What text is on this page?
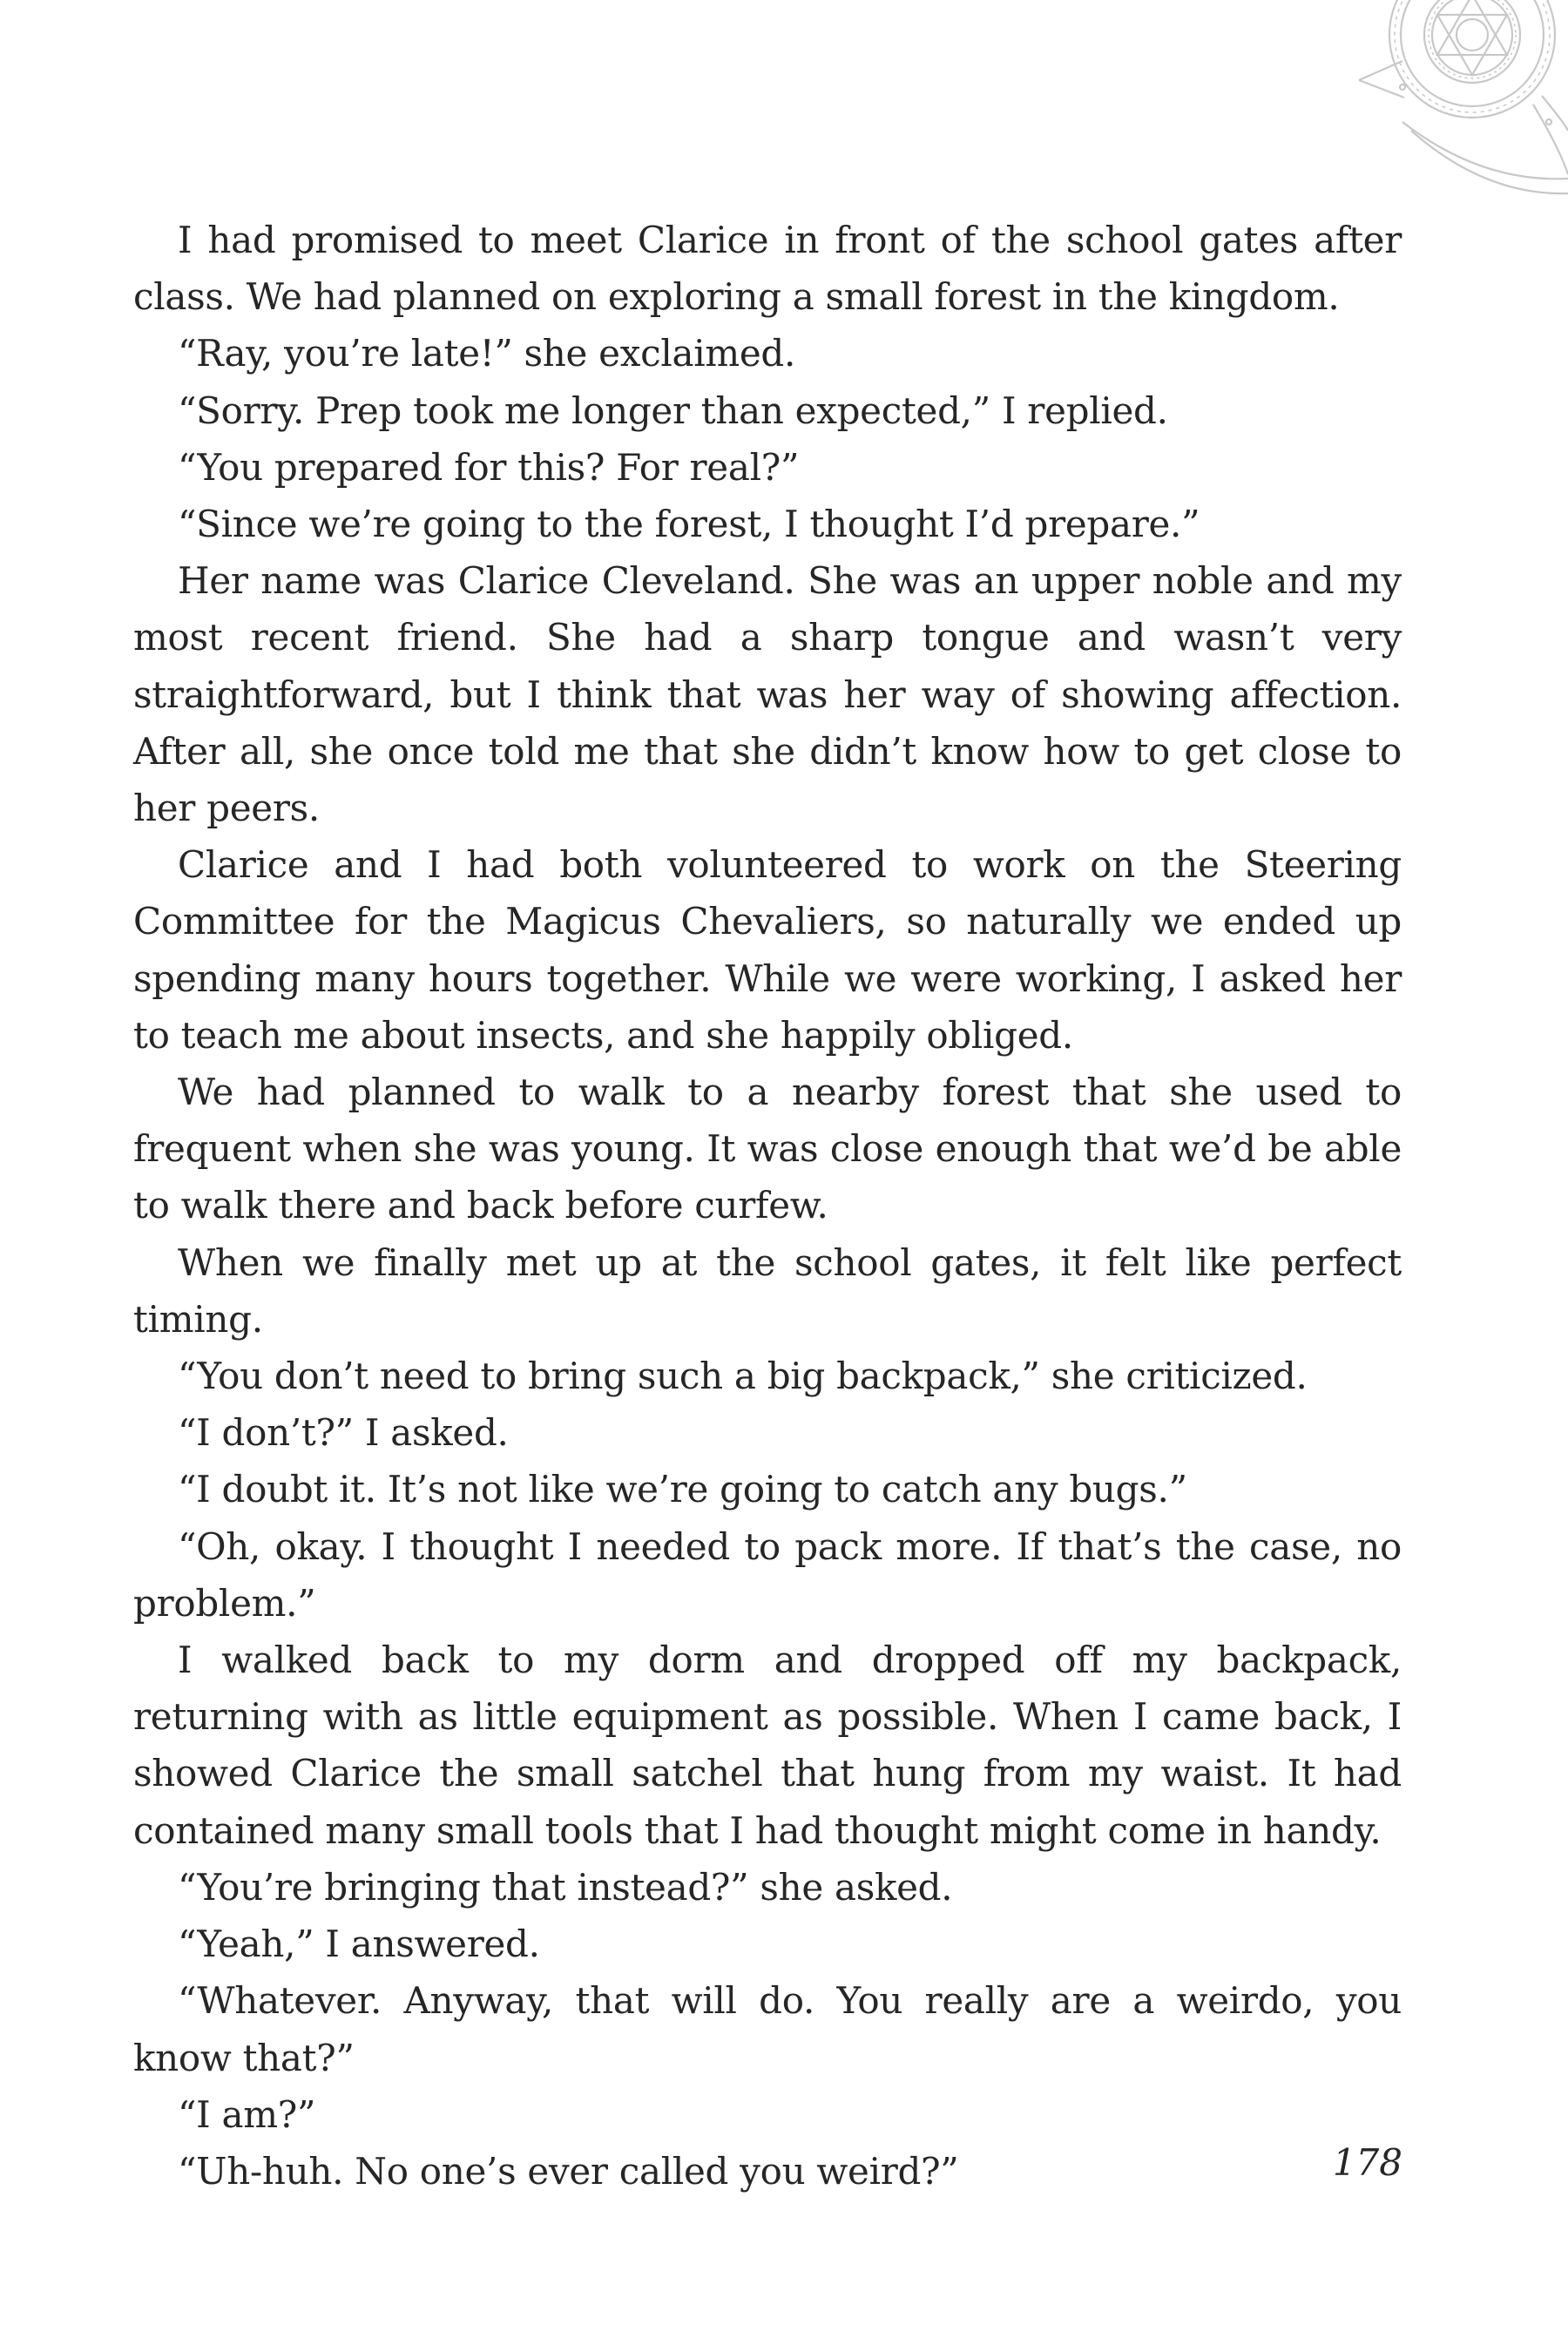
I had promised to meet Clarice in front of the school gates after class. We had planned on exploring a small forest in the kingdom.

“Ray, you’re late!” she exclaimed.

“Sorry. Prep took me longer than expected,” I replied.

“You prepared for this? For real?”

“Since we’re going to the forest, I thought I’d prepare.”

Her name was Clarice Cleveland. She was an upper noble and my most recent friend. She had a sharp tongue and wasn’t very straightforward, but I think that was her way of showing affection. After all, she once told me that she didn’t know how to get close to her peers.

Clarice and I had both volunteered to work on the Steering Committee for the Magicus Chevaliers, so naturally we ended up spending many hours together. While we were working, I asked her to teach me about insects, and she happily obliged.

We had planned to walk to a nearby forest that she used to frequent when she was young. It was close enough that we’d be able to walk there and back before curfew.

When we finally met up at the school gates, it felt like perfect timing.

“You don’t need to bring such a big backpack,” she criticized.

“I don’t?” I asked.

“I doubt it. It’s not like we’re going to catch any bugs.”

“Oh, okay. I thought I needed to pack more. If that’s the case, no problem.”

I walked back to my dorm and dropped off my backpack, returning with as little equipment as possible. When I came back, I showed Clarice the small satchel that hung from my waist. It had contained many small tools that I had thought might come in handy.

“You’re bringing that instead?” she asked.

“Yeah,” I answered.

“Whatever. Anyway, that will do. You really are a weirdo, you know that?”

“I am?”

“Uh-huh. No one’s ever called you weird?”	178
